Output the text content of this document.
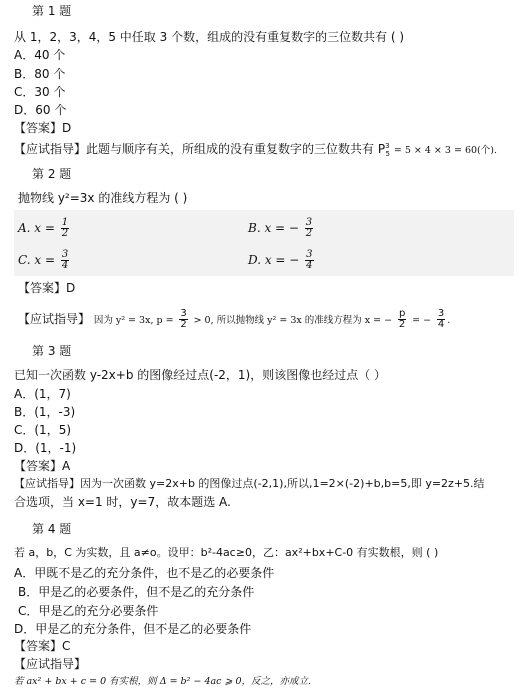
第 1 题
从 1，2，3，4，5 中任取 3 个数，组成的没有重复数字的三位数共有 ( )
A．40 个
B．80 个
C．30 个
D．60 个
【答案】D
【应试指导】此题与顺序有关，所组成的没有重复数字的三位数共有 $P^3_5 = 5 \times 4 \times 3 = 60$(个).
第 2 题
抛物线 y²=3x 的准线方程为 ( )
A. $x = \frac{1}{2}$	B. x = − $\frac{3}{2}$
C. $x = \frac{3}{4}$	D. x = − $\frac{3}{4}$
【答案】D
【应试指导】 因为 y² = 3x, $p = \frac{3}{2} > 0$, 所以抛物线 y² = 3x 的准线方程为 x = − $\frac{p}{2}$ = − $\frac{3}{4}$ .
第 3 题
已知一次函数 y-2x+b 的图像经过点(-2，1)，则该图像也经过点（ ）
A．(1，7)
B．(1，-3)
C．(1，5)
D．(1，-1)
【答案】A
【应试指导】因为一次函数 y=2x+b 的图像过点(-2,1),所以,1=2×(-2)+b,b=5,即 y=2z+5.结
合选项，当 x=1 时，y=7，故本题选 A.
第 4 题
若 a，b，C 为实数，且 a≠o。设甲：b²-4ac≥0，乙：ax²+bx+C-0 有实数根，则 ( )
A．甲既不是乙的充分条件，也不是乙的必要条件
B．甲是乙的必要条件，但不是乙的充分条件
C．甲是乙的充分必要条件
D．甲是乙的充分条件，但不是乙的必要条件
【答案】C
【应试指导】
若 ax² + bx + c = 0 有实根，则 Δ = b² − 4ac ⩾ 0，反之，亦成立.
